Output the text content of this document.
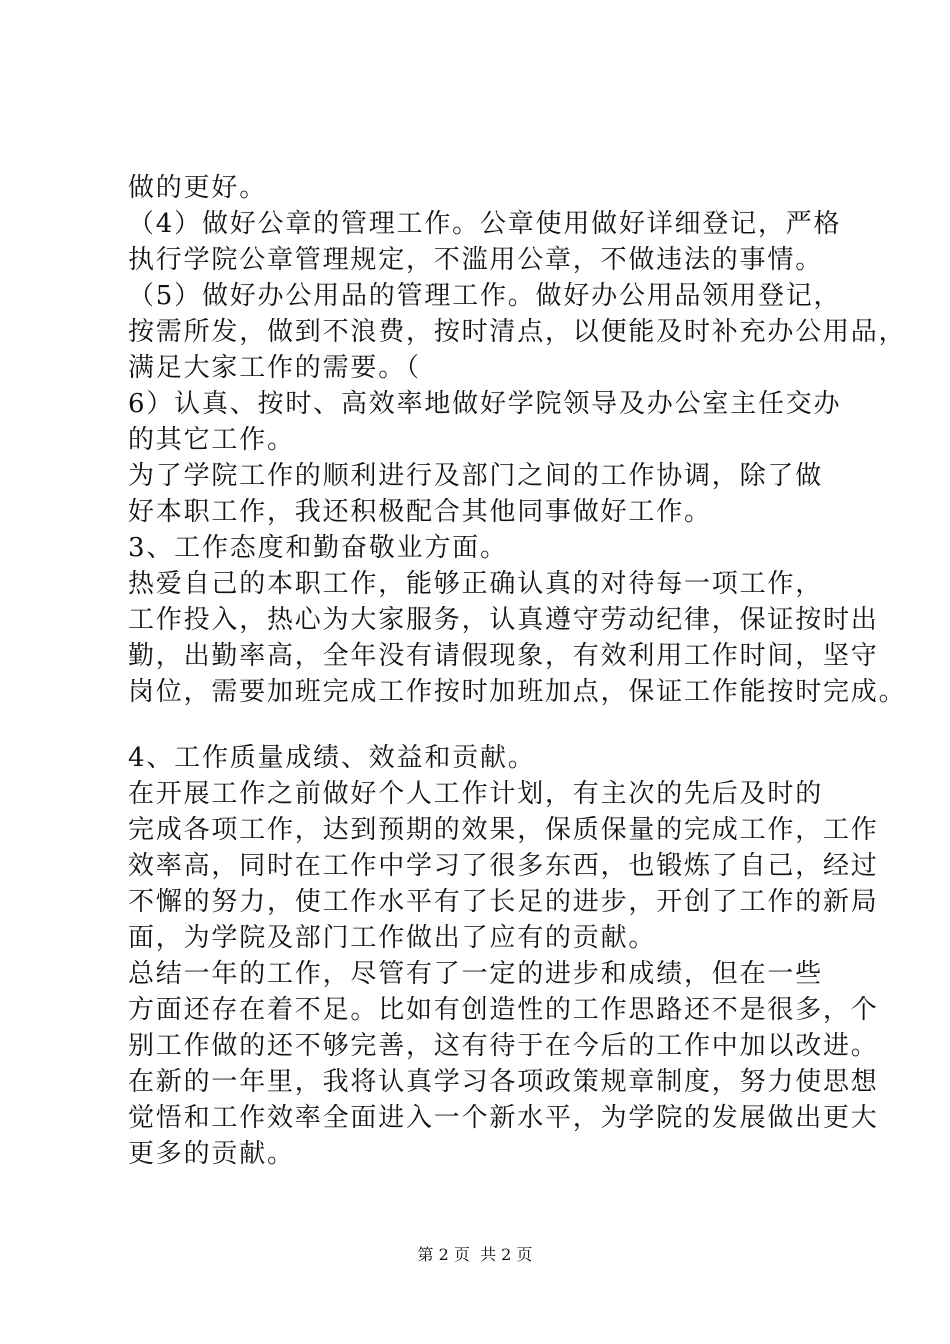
做的更好。
（4）做好公章的管理工作。公章使用做好详细登记，严格
执行学院公章管理规定，不滥用公章，不做违法的事情。
（5）做好办公用品的管理工作。做好办公用品领用登记，
按需所发，做到不浪费，按时清点，以便能及时补充办公用品，
满足大家工作的需要。（
6）认真、按时、高效率地做好学院领导及办公室主任交办
的其它工作。
为了学院工作的顺利进行及部门之间的工作协调，除了做
好本职工作，我还积极配合其他同事做好工作。
3、工作态度和勤奋敬业方面。
热爱自己的本职工作，能够正确认真的对待每一项工作，
工作投入，热心为大家服务，认真遵守劳动纪律，保证按时出
勤，出勤率高，全年没有请假现象，有效利用工作时间，坚守
岗位，需要加班完成工作按时加班加点，保证工作能按时完成。
4、工作质量成绩、效益和贡献。
在开展工作之前做好个人工作计划，有主次的先后及时的
完成各项工作，达到预期的效果，保质保量的完成工作，工作
效率高，同时在工作中学习了很多东西，也锻炼了自己，经过
不懈的努力，使工作水平有了长足的进步，开创了工作的新局
面，为学院及部门工作做出了应有的贡献。
总结一年的工作，尽管有了一定的进步和成绩，但在一些
方面还存在着不足。比如有创造性的工作思路还不是很多，个
别工作做的还不够完善，这有待于在今后的工作中加以改进。
在新的一年里，我将认真学习各项政策规章制度，努力使思想
觉悟和工作效率全面进入一个新水平，为学院的发展做出更大
更多的贡献。
第 2 页  共 2 页
